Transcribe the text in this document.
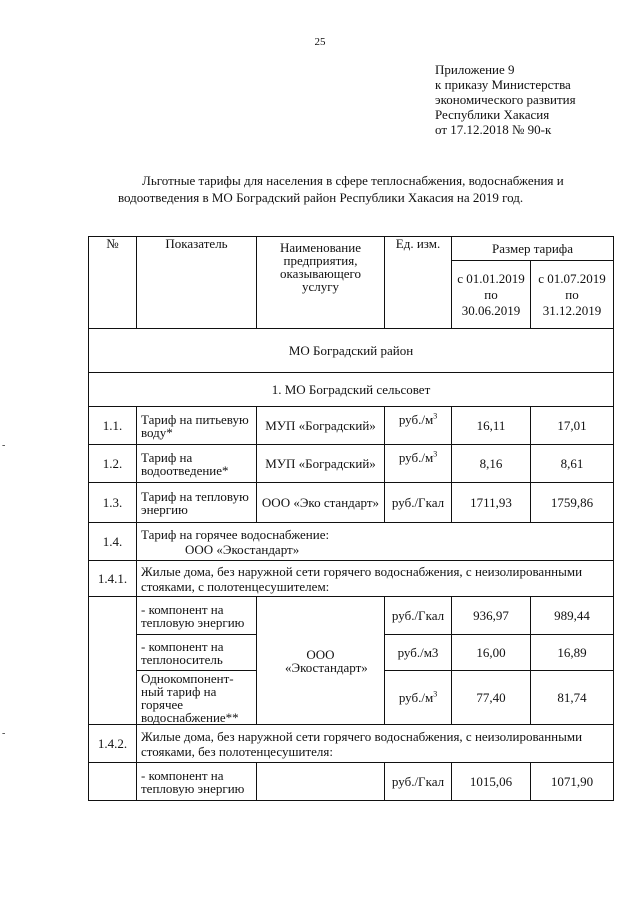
25
Приложение 9
к приказу Министерства
экономического развития
Республики Хакасия
от 17.12.2018 № 90-к
Льготные тарифы для населения в сфере теплоснабжения, водоснабжения и водоотведения в МО Боградский район Республики Хакасия на 2019 год.
№	Показатель	Наименование предприятия, оказывающего услугу	Ед. изм.	Размер тарифа	
				с 01.01.2019 по 30.06.2019	с 01.07.2019 по 31.12.2019
МО Боградский район					
1. МО Боградский сельсовет					
1.1.	Тариф на питьевую воду*	МУП «Боградский»	$руб./м^3$	16,11	17,01
1.2.	Тариф на водоотведение*	МУП «Боградский»	$руб./м^3$	8,16	8,61
1.3.	Тариф на тепловую энергию	ООО «Эко стандарт»	руб./Гкал	1711,93	1759,86
1.4.	Тариф на горячее водоснабжение:
ООО «Экостандарт»				

1.4.1.	Жилые дома, без наружной сети горячего водоснабжения, с неизолированными стояками, с полотенцесушителем:				
	- компонент на тепловую энергию	ООО «Экостандарт»	руб./Гкал	936,97	989,44
	- компонент на теплоноситель		руб./м3	16,00	16,89
	Однокомпонент-ный тариф на горячее водоснабжение**		$руб./м^3$	77,40	81,74
1.4.2.	Жилые дома, без наружной сети горячего водоснабжения, с неизолированными стояками, без полотенцесушителя:				
	- компонент на тепловую энергию		руб./Гкал	1015,06	1071,90
-
-
